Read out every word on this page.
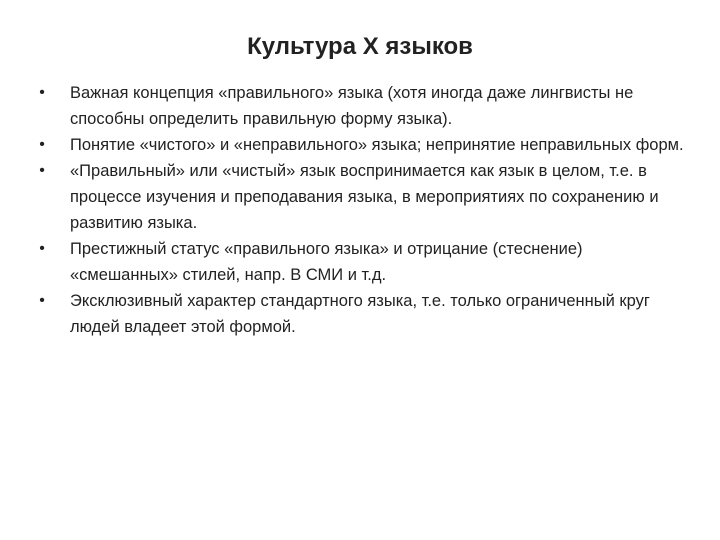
Культура Х языков
• Важная концепция «правильного» языка (хотя иногда даже лингвисты не способны определить правильную форму языка).
• Понятие «чистого» и «неправильного» языка; непринятие неправильных форм.
• «Правильный» или «чистый» язык воспринимается как язык в целом, т.е. в процессе изучения и преподавания языка, в мероприятиях по сохранению и развитию языка.
• Престижный статус «правильного языка» и отрицание (стеснение) «смешанных» стилей, напр. В СМИ и т.д.
• Эксклюзивный характер стандартного языка, т.е. только ограниченный круг людей владеет этой формой.
